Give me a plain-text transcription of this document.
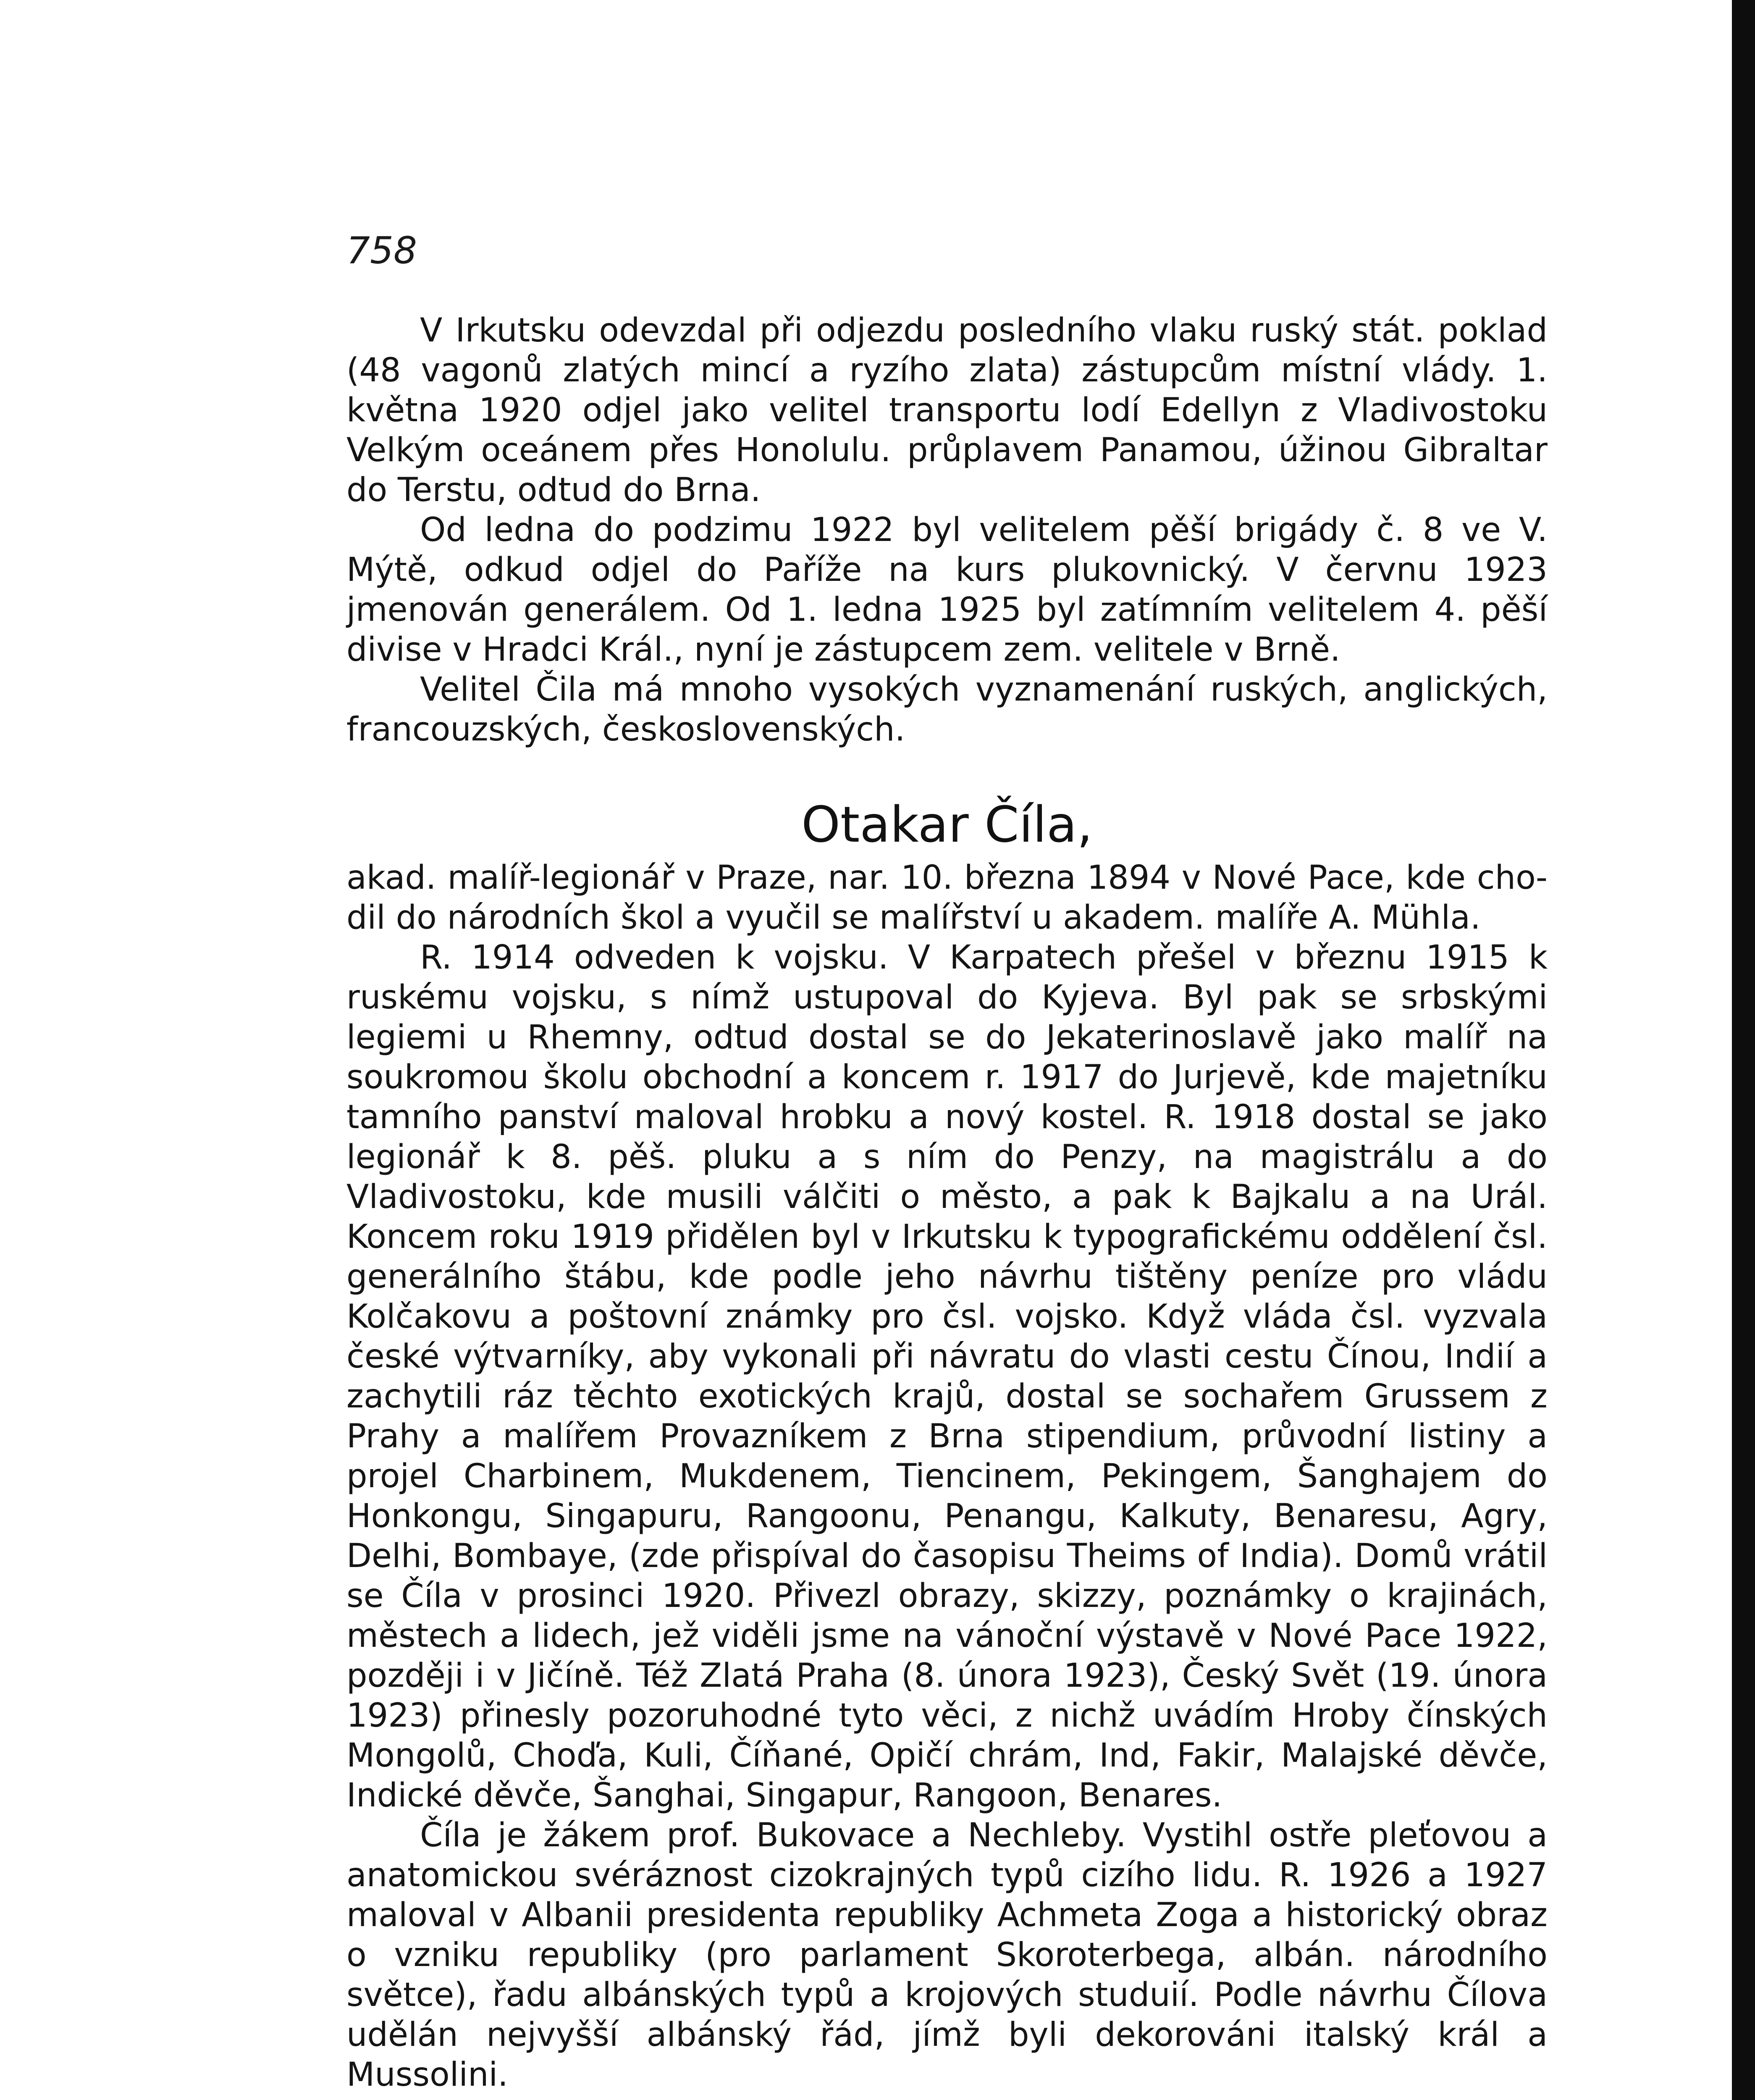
758

V Irkutsku odevzdal při odjezdu posledního vlaku ruský stát. poklad (48 vagonů zlatých mincí a ryzího zlata) zástupcům místní vlády. 1. května 1920 odjel jako velitel transportu lodí Edellyn z Vladivostoku Velkým oceánem přes Honolulu. průplavem Panamou, úžinou Gibraltar do Terstu, odtud do Brna.

Od ledna do podzimu 1922 byl velitelem pěší brigády č. 8 ve V. Mýtě, odkud odjel do Paříže na kurs plukovnický. V červnu 1923 jmenován generálem. Od 1. ledna 1925 byl zatímním velitelem 4. pěší divise v Hradci Král., nyní je zástupcem zem. velitele v Brně.

Velitel Čila má mnoho vysokých vyznamenání ruských, anglických, francouzských, československých.

Otakar Číla,

akad. malíř-legionář v Praze, nar. 10. března 1894 v Nové Pace, kde chodil do národních škol a vyučil se malířství u akadem. malíře A. Mühla.

R. 1914 odveden k vojsku. V Karpatech přešel v březnu 1915 k ruskému vojsku, s nímž ustupoval do Kyjeva. Byl pak se srbskými legiemi u Rhemny, odtud dostal se do Jekaterinoslavě jako malíř na soukromou školu obchodní a koncem r. 1917 do Jurjevě, kde majetníku tamního panství maloval hrobku a nový kostel. R. 1918 dostal se jako legionář k 8. pěš. pluku a s ním do Penzy, na magistrálu a do Vladivostoku, kde musili válčiti o město, a pak k Bajkalu a na Urál. Koncem roku 1919 přidělen byl v Irkutsku k typografickému oddělení čsl. generálního štábu, kde podle jeho návrhu tištěny peníze pro vládu Kolčakovu a poštovní známky pro čsl. vojsko. Když vláda čsl. vyzvala české výtvarníky, aby vykonali při návratu do vlasti cestu Čínou, Indií a zachytili ráz těchto exotických krajů, dostal se sochařem Grussem z Prahy a malířem Provazníkem z Brna stipendium, průvodní listiny a projel Charbinem, Mukdenem, Tiencinem, Pekingem, Šanghajem do Honkongu, Singapuru, Rangoonu, Penangu, Kalkuty, Benaresu, Agry, Delhi, Bombaye, (zde přispíval do časopisu Theims of India). Domů vrátil se Číla v prosinci 1920. Přivezl obrazy, skizzy, poznámky o krajinách, městech a lidech, jež viděli jsme na vánoční výstavě v Nové Pace 1922, později i v Jičíně. Též Zlatá Praha (8. února 1923), Český Svět (19. února 1923) přinesly pozoruhodné tyto věci, z nichž uvádím Hroby čínských Mongolů, Choďa, Kuli, Číňané, Opičí chrám, Ind, Fakir, Malajské děvče, Indické děvče, Šanghai, Singapur, Rangoon, Benares.

Číla je žákem prof. Bukovace a Nechleby. Vystihl ostře pleťovou a anatomickou svéráznost cizokrajných typů cizího lidu. R. 1926 a 1927 maloval v Albanii presidenta republiky Achmeta Zoga a historický obraz o vzniku republiky (pro parlament Skoroterbega, albán. národního světce), řadu albánských typů a krojových studuií. Podle návrhu Čílova udělán nejvyšší albánský řád, jímž byli dekorováni italský král a Mussolini.
